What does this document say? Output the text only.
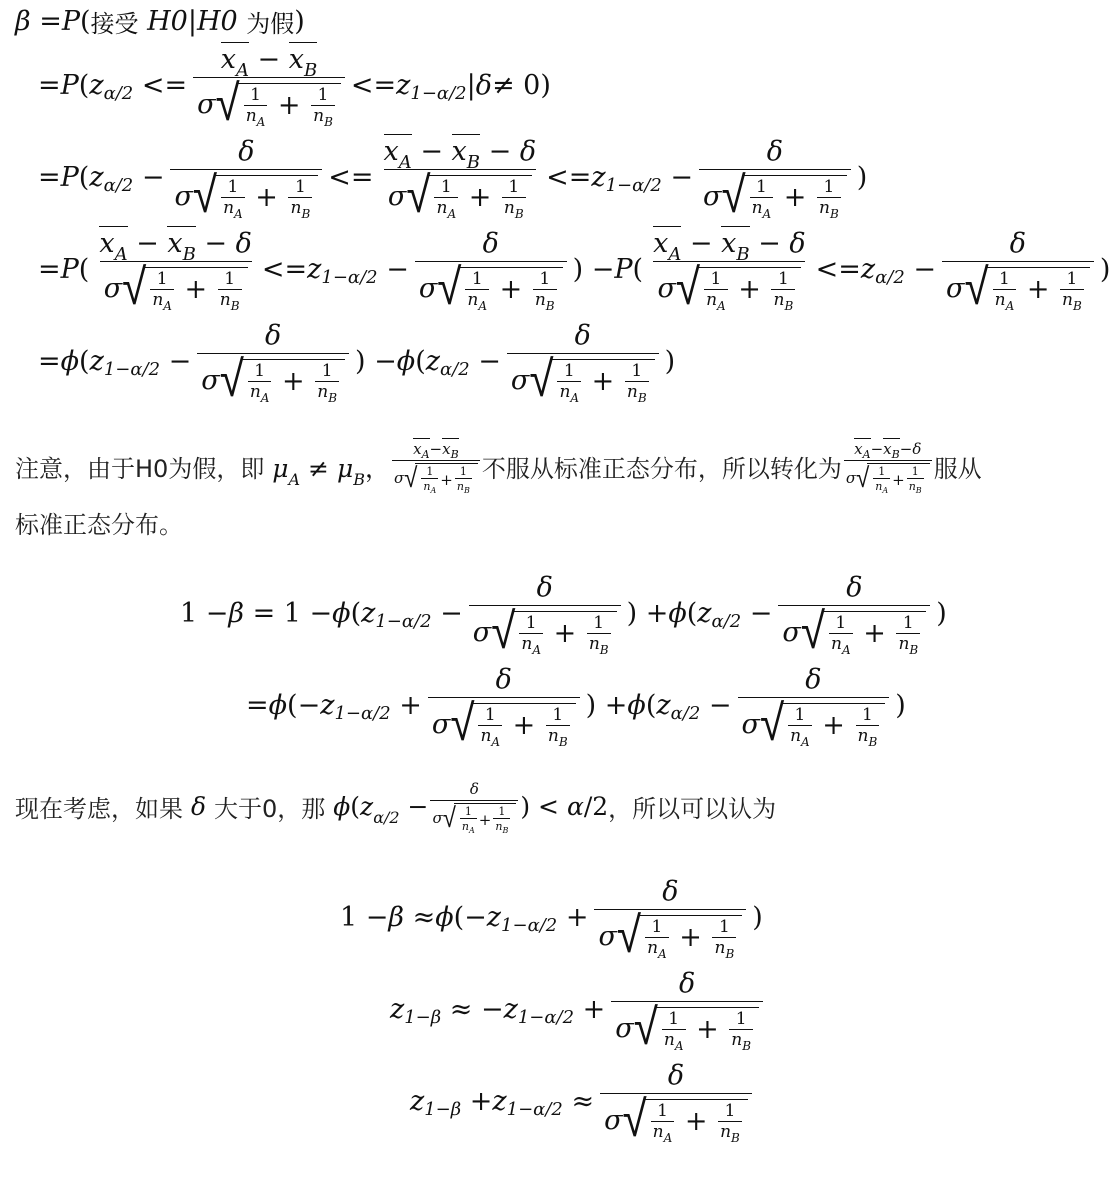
β = P ( 接受
H0|H0
为假 )
= P ( z $\alpha/2 <= \frac{x_A - x_B}{\sigma √ \frac{1}{n_A} + \frac{1}{n_B}} <= z$ 1−α/2 | δ ≠ 0)
= P ( z $\alpha/2 - \frac{\delta}{\sigma √ \frac{1}{n_A} + \frac{1}{n_B}} <= \frac{x_A - x_B - \delta}{\sigma √ \frac{1}{n_A} + \frac{1}{n_B}} <= z$ $1-\alpha/2 - \frac{\delta}{\sigma √ \frac{1}{n_A} + \frac{1}{n_B}}$ )
= P ( $\frac{x_A - x_B - \delta}{\sigma √ \frac{1}{n_A} + \frac{1}{n_B}} <= z$ $1-\alpha/2 - \frac{\delta}{\sigma √ \frac{1}{n_A} + \frac{1}{n_B}}$ ) − P ( $\frac{x_A - x_B - \delta}{\sigma √ \frac{1}{n_A} + \frac{1}{n_B}} <= z$ $\alpha/2 - \frac{\delta}{\sigma √ \frac{1}{n_A} + \frac{1}{n_B}}$ )
= ϕ ( z $1-\alpha/2 - \frac{\delta}{\sigma √ \frac{1}{n_A} + \frac{1}{n_B}}$ ) − ϕ ( z $\alpha/2 - \frac{\delta}{\sigma √ \frac{1}{n_A} + \frac{1}{n_B}}$ )
注意，由于H0为假，即 $\mu_A \ne \mu_B$， $\frac{x_A-x_B}{\sigma √ \frac{1}{n_A} + \frac{1}{n_B}}$ 不服从标准正态分布，所以转化为 $\frac{x_A-x_B-\delta}{\sigma √ \frac{1}{n_A} + \frac{1}{n_B}}$ 服从
标准正态分布。
1 − β = 1 − ϕ ( z $1-\alpha/2 - \frac{\delta}{\sigma √ \frac{1}{n_A} + \frac{1}{n_B}}$ ) + ϕ ( z $\alpha/2 - \frac{\delta}{\sigma √ \frac{1}{n_A} + \frac{1}{n_B}}$ )
= ϕ (− z $1-\alpha/2 + \frac{\delta}{\sigma √ \frac{1}{n_A} + \frac{1}{n_B}}$ ) + ϕ ( z $\alpha/2 - \frac{\delta}{\sigma √ \frac{1}{n_A} + \frac{1}{n_B}}$ )
现在考虑，如果 δ 大于0，那 $\phi(z_{\alpha/2} - \frac{\delta}{\sigma √ \frac{1}{n_A} + \frac{1}{n_B}}$ ) < α/2 ，所以可以认为
1 − β ≈ ϕ (− z $1-\alpha/2 + \frac{\delta}{\sigma √ \frac{1}{n_A} + \frac{1}{n_B}}$ )
z 1−β ≈ − z $1-\alpha/2 + \frac{\delta}{\sigma √ \frac{1}{n_A} + \frac{1}{n_B}}$
z 1−β + z $1-\alpha/2 \approx \frac{\delta}{\sigma √ \frac{1}{n_A} + \frac{1}{n_B}}$
